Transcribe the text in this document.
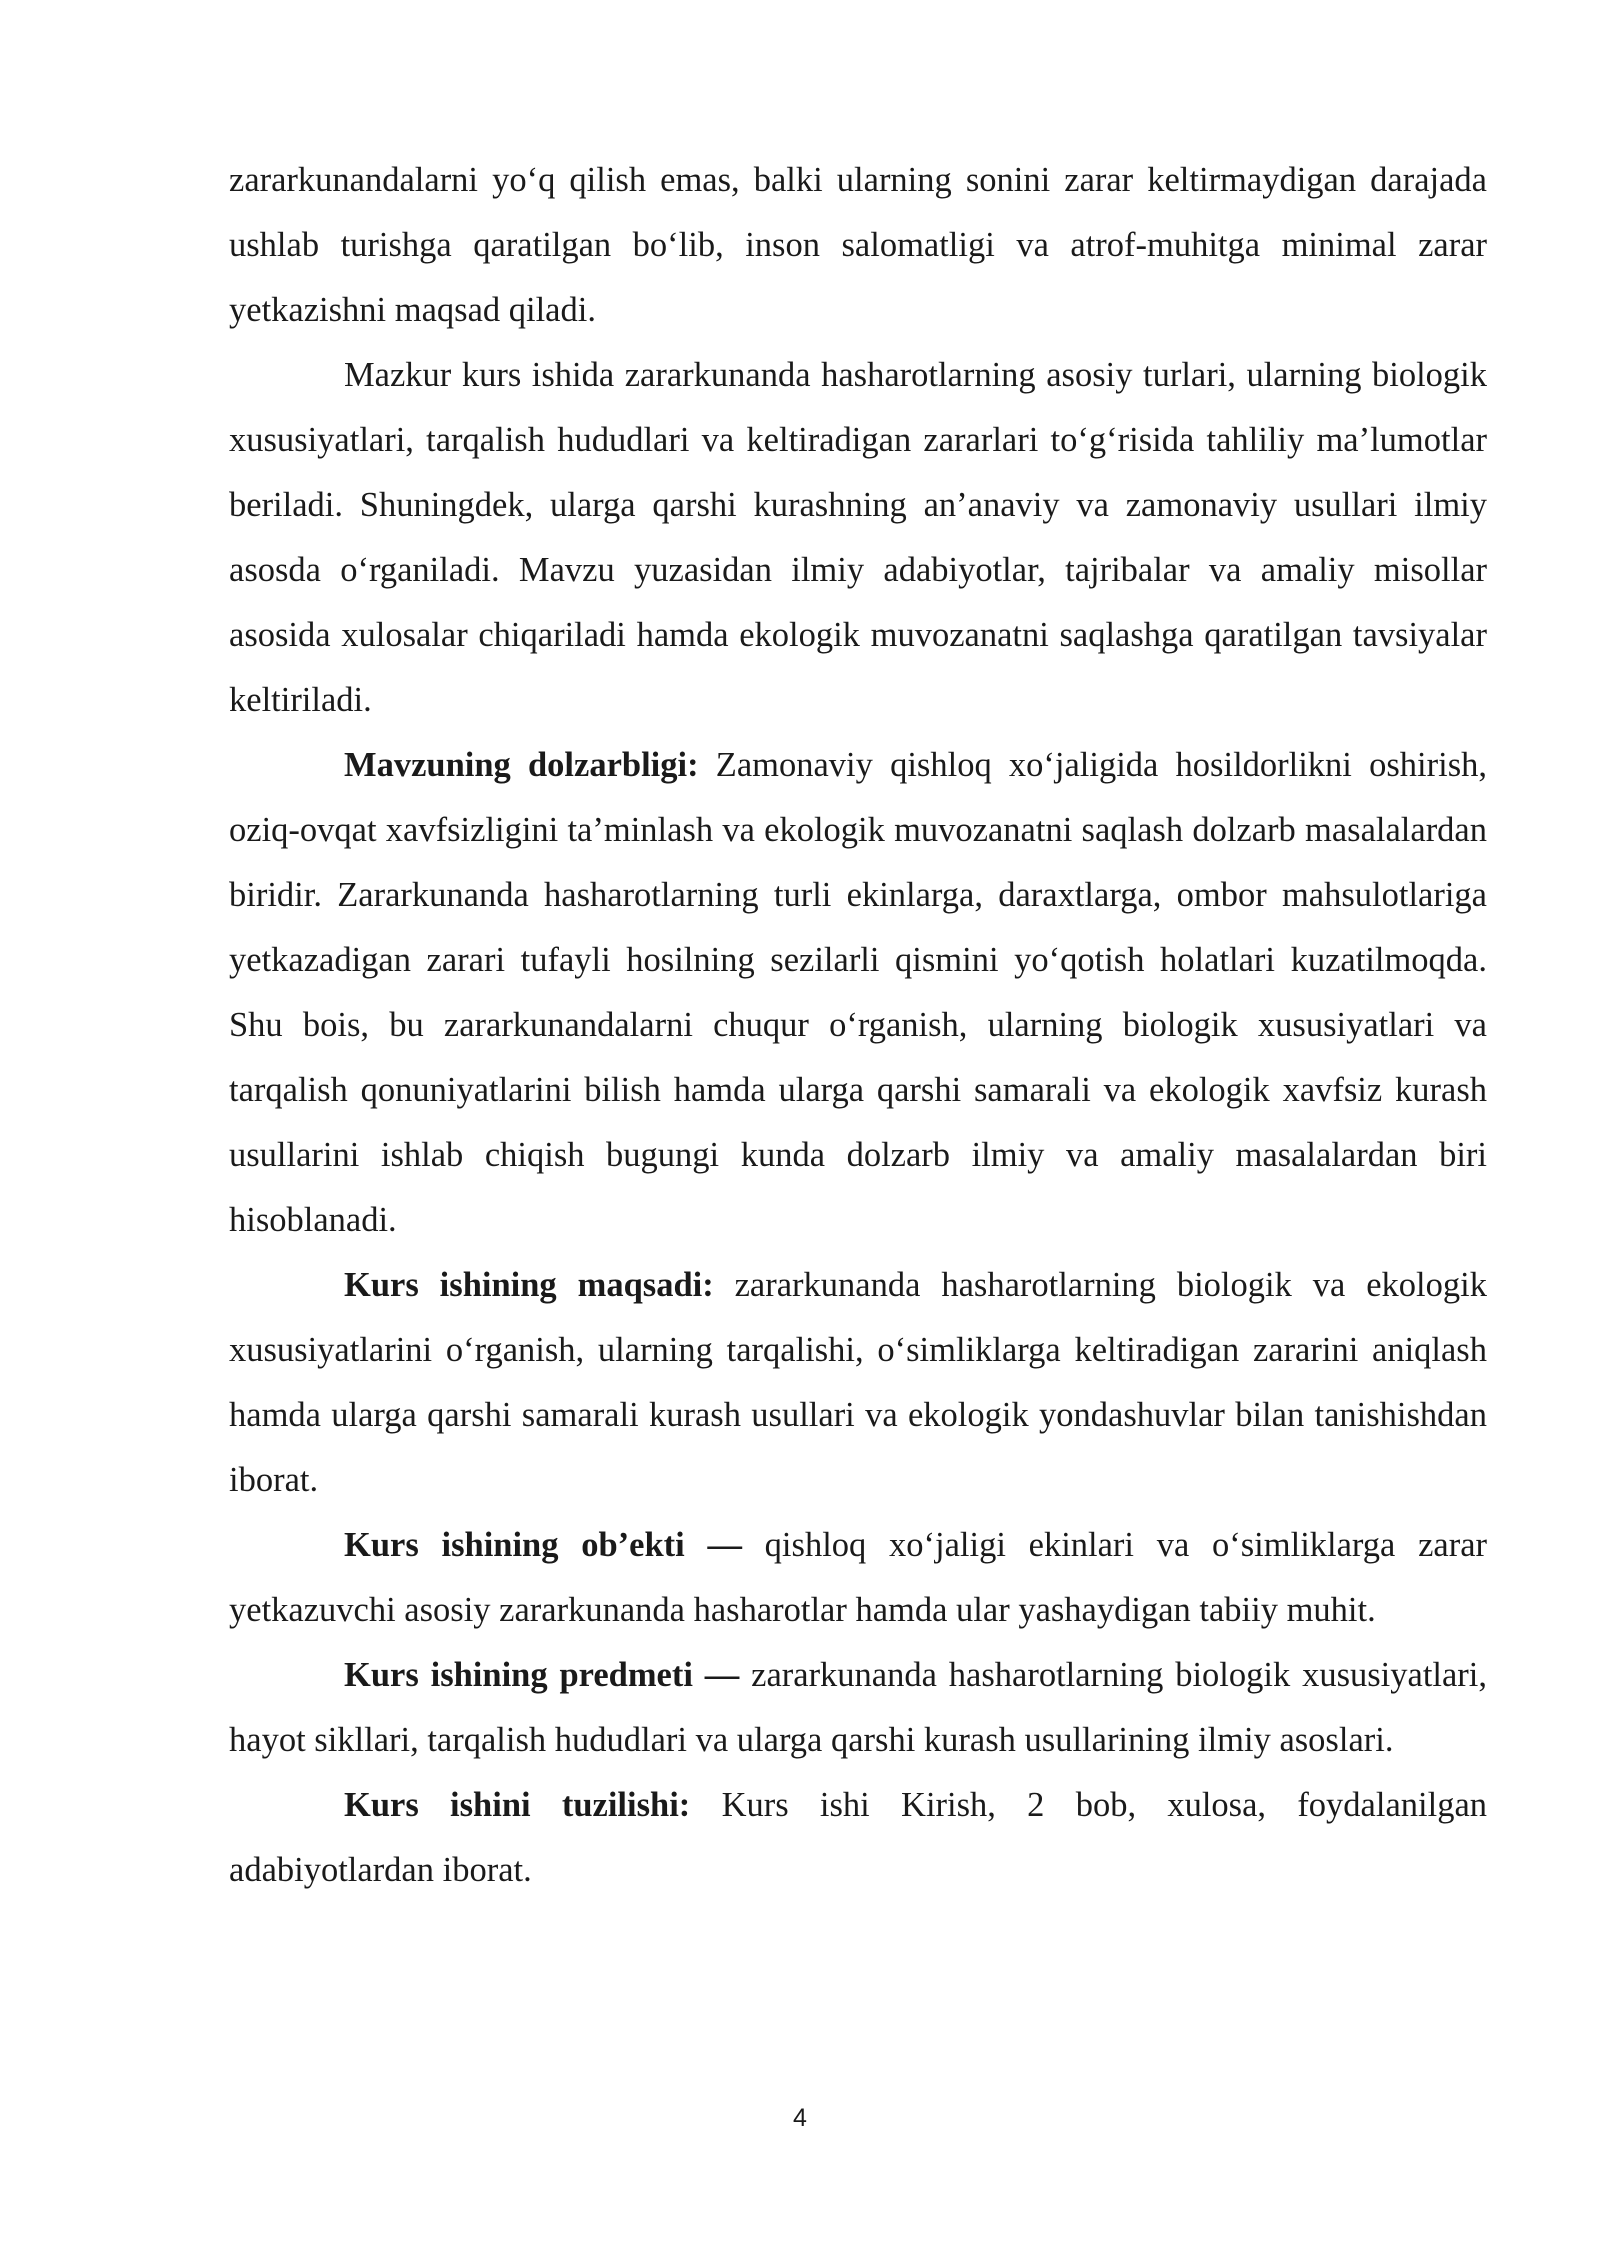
zararkunandalarni yo‘q qilish emas, balki ularning sonini zarar keltirmaydigan darajada ushlab turishga qaratilgan bo‘lib, inson salomatligi va atrof-muhitga minimal zarar yetkazishni maqsad qiladi.

Mazkur kurs ishida zararkunanda hasharotlarning asosiy turlari, ularning biologik xususiyatlari, tarqalish hududlari va keltiradigan zararlari to‘g‘risida tahliliy ma’lumotlar beriladi. Shuningdek, ularga qarshi kurashning an’anaviy va zamonaviy usullari ilmiy asosda o‘rganiladi. Mavzu yuzasidan ilmiy adabiyotlar, tajribalar va amaliy misollar asosida xulosalar chiqariladi hamda ekologik muvozanatni saqlashga qaratilgan tavsiyalar keltiriladi.

Mavzuning dolzarbligi: Zamonaviy qishloq xo‘jaligida hosildorlikni oshirish, oziq-ovqat xavfsizligini ta’minlash va ekologik muvozanatni saqlash dolzarb masalalardan biridir. Zararkunanda hasharotlarning turli ekinlarga, daraxtlarga, ombor mahsulotlariga yetkazadigan zarari tufayli hosilning sezilarli qismini yo‘qotish holatlari kuzatilmoqda. Shu bois, bu zararkunandalarni chuqur o‘rganish, ularning biologik xususiyatlari va tarqalish qonuniyatlarini bilish hamda ularga qarshi samarali va ekologik xavfsiz kurash usullarini ishlab chiqish bugungi kunda dolzarb ilmiy va amaliy masalalardan biri hisoblanadi.

Kurs ishining maqsadi: zararkunanda hasharotlarning biologik va ekologik xususiyatlarini o‘rganish, ularning tarqalishi, o‘simliklarga keltiradigan zararini aniqlash hamda ularga qarshi samarali kurash usullari va ekologik yondashuvlar bilan tanishishdan iborat.

Kurs ishining ob’ekti — qishloq xo‘jaligi ekinlari va o‘simliklarga zarar yetkazuvchi asosiy zararkunanda hasharotlar hamda ular yashaydigan tabiiy muhit.

Kurs ishining predmeti — zararkunanda hasharotlarning biologik xususiyatlari, hayot sikllari, tarqalish hududlari va ularga qarshi kurash usullarining ilmiy asoslari.

Kurs ishini tuzilishi: Kurs ishi Kirish, 2 bob, xulosa, foydalanilgan adabiyotlardan iborat.

4
